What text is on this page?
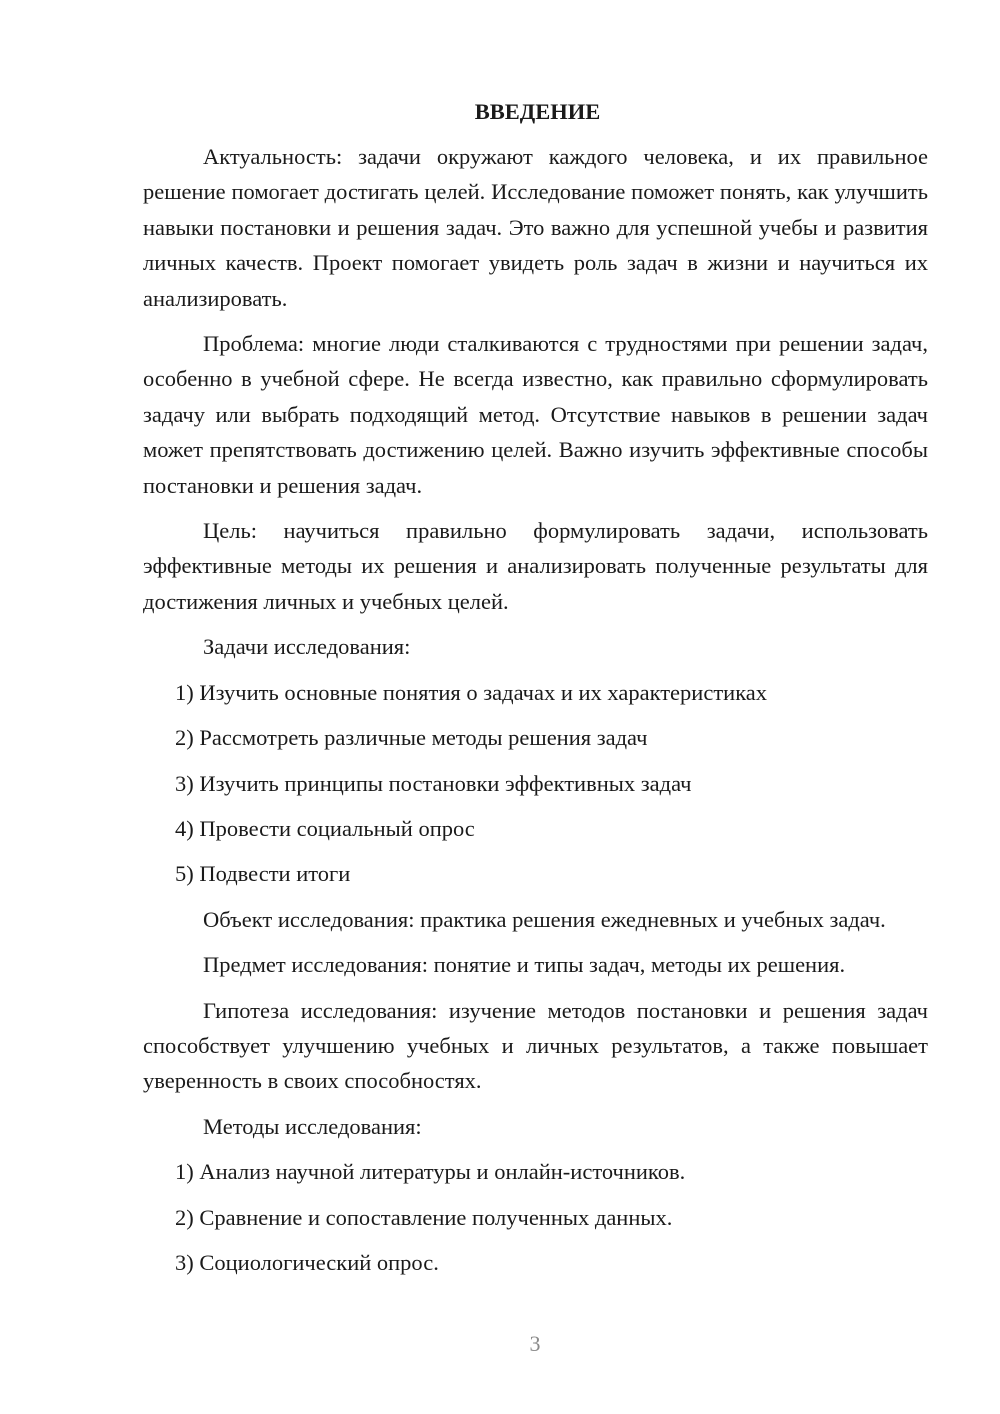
ВВЕДЕНИЕ

Актуальность: задачи окружают каждого человека, и их правильное решение помогает достигать целей. Исследование поможет понять, как улучшить навыки постановки и решения задач. Это важно для успешной учебы и развития личных качеств. Проект помогает увидеть роль задач в жизни и научиться их анализировать.

Проблема: многие люди сталкиваются с трудностями при решении задач, особенно в учебной сфере. Не всегда известно, как правильно сформулировать задачу или выбрать подходящий метод. Отсутствие навыков в решении задач может препятствовать достижению целей. Важно изучить эффективные способы постановки и решения задач.

Цель: научиться правильно формулировать задачи, использовать эффективные методы их решения и анализировать полученные результаты для достижения личных и учебных целей.

Задачи исследования:

1) Изучить основные понятия о задачах и их характеристиках
2) Рассмотреть различные методы решения задач
3) Изучить принципы постановки эффективных задач
4) Провести социальный опрос
5) Подвести итоги

Объект исследования: практика решения ежедневных и учебных задач.

Предмет исследования: понятие и типы задач, методы их решения.

Гипотеза исследования: изучение методов постановки и решения задач способствует улучшению учебных и личных результатов, а также повышает уверенность в своих способностях.

Методы исследования:

1) Анализ научной литературы и онлайн-источников.
2) Сравнение и сопоставление полученных данных.
3) Социологический опрос.
3
